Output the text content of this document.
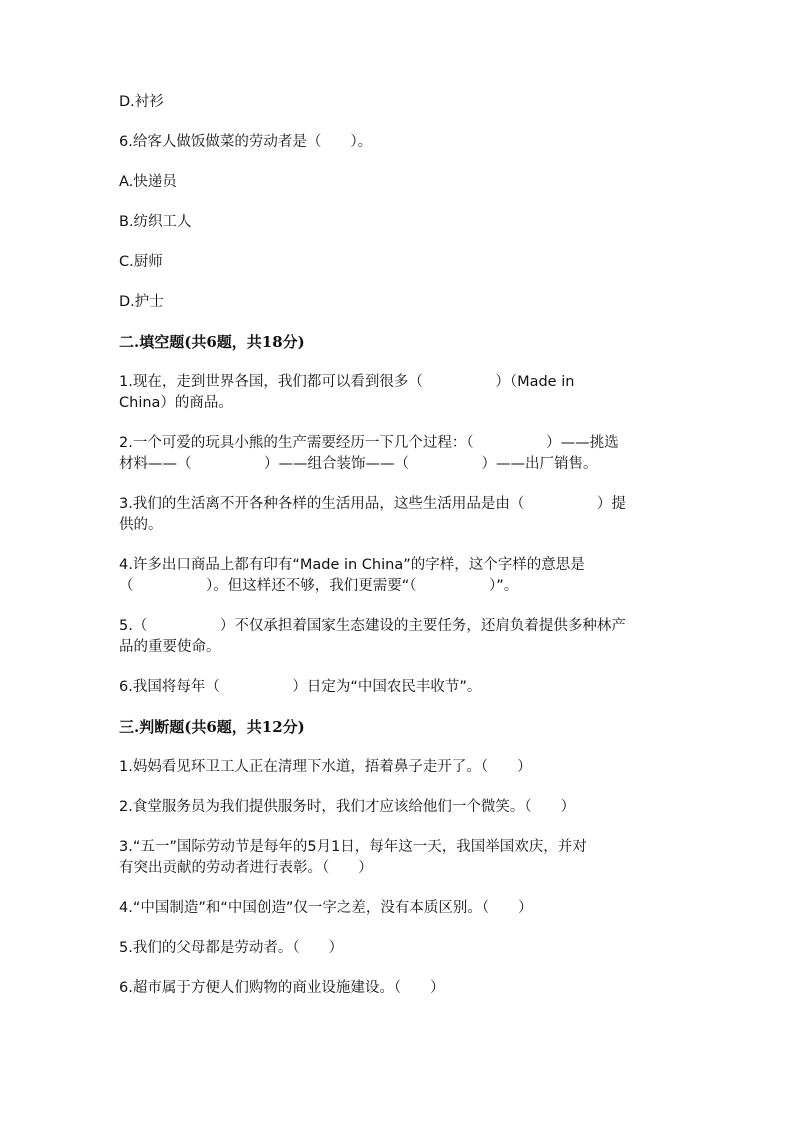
D.衬衫

6.给客人做饭做菜的劳动者是（　　）。

A.快递员

B.纺织工人

C.厨师

D.护士

二.填空题(共6题，共18分)

1.现在，走到世界各国，我们都可以看到很多（　　　　　）（Made in

China）的商品。

2.一个可爱的玩具小熊的生产需要经历一下几个过程：（　　　　　）——挑选

材料——（　　　　　）——组合装饰——（　　　　　）——出厂销售。

3.我们的生活离不开各种各样的生活用品，这些生活用品是由（　　　　　）提

供的。

4.许多出口商品上都有印有“Made in China”的字样，这个字样的意思是

（　　　　　）。但这样还不够，我们更需要“（　　　　　）”。

5.（　　　　　）不仅承担着国家生态建设的主要任务，还肩负着提供多种林产

品的重要使命。

6.我国将每年（　　　　　）日定为“中国农民丰收节”。

三.判断题(共6题，共12分)

1.妈妈看见环卫工人正在清理下水道，捂着鼻子走开了。（　　）

2.食堂服务员为我们提供服务时，我们才应该给他们一个微笑。（　　）

3.“五一”国际劳动节是每年的5月1日，每年这一天，我国举国欢庆，并对

有突出贡献的劳动者进行表彰。（　　）

4.“中国制造”和“中国创造”仅一字之差，没有本质区别。（　　）

5.我们的父母都是劳动者。（　　）

6.超市属于方便人们购物的商业设施建设。（　　）
